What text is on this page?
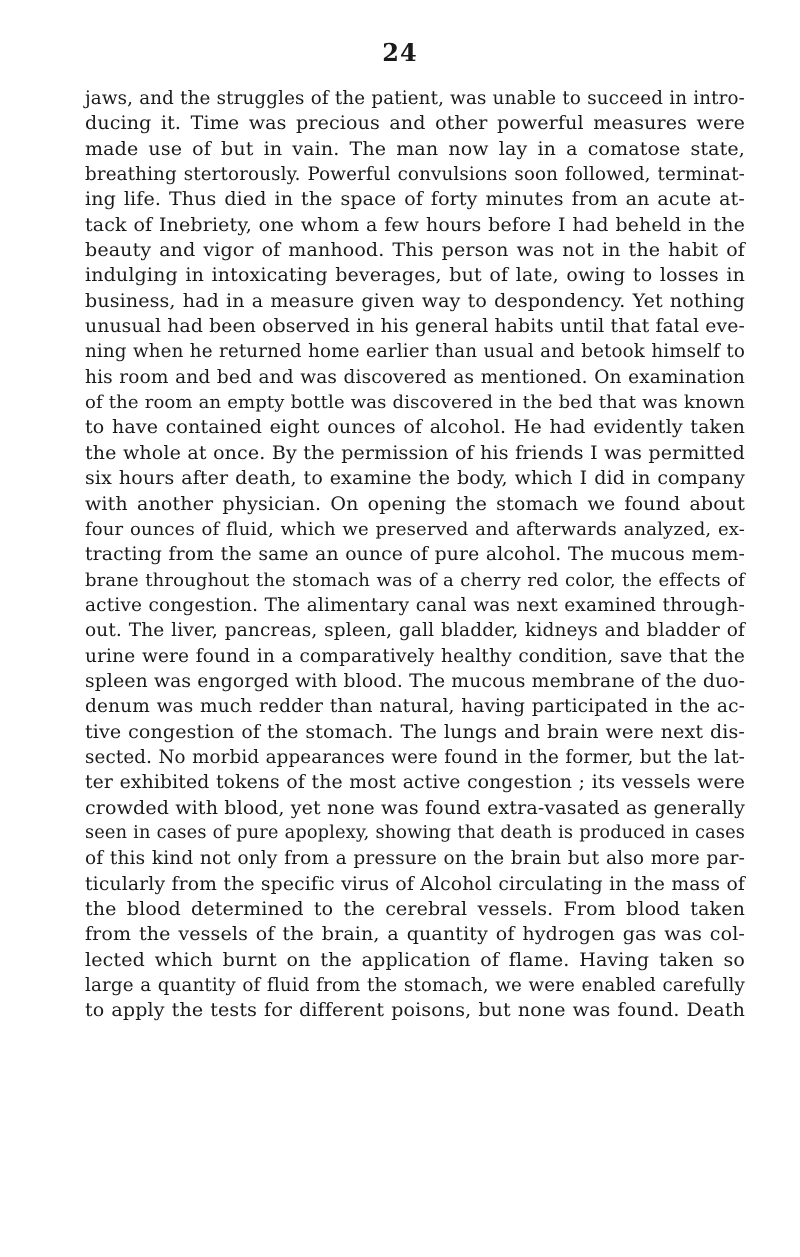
24
jaws, and the struggles of the patient, was unable to succeed in intro-
ducing it. Time was precious and other powerful measures were
made use of but in vain. The man now lay in a comatose state,
breathing stertorously. Powerful convulsions soon followed, terminat-
ing life. Thus died in the space of forty minutes from an acute at-
tack of Inebriety, one whom a few hours before I had beheld in the
beauty and vigor of manhood. This person was not in the habit of
indulging in intoxicating beverages, but of late, owing to losses in
business, had in a measure given way to despondency. Yet nothing
unusual had been observed in his general habits until that fatal eve-
ning when he returned home earlier than usual and betook himself to
his room and bed and was discovered as mentioned. On examination
of the room an empty bottle was discovered in the bed that was known
to have contained eight ounces of alcohol. He had evidently taken
the whole at once. By the permission of his friends I was permitted
six hours after death, to examine the body, which I did in company
with another physician. On opening the stomach we found about
four ounces of fluid, which we preserved and afterwards analyzed, ex-
tracting from the same an ounce of pure alcohol. The mucous mem-
brane throughout the stomach was of a cherry red color, the effects of
active congestion. The alimentary canal was next examined through-
out. The liver, pancreas, spleen, gall bladder, kidneys and bladder of
urine were found in a comparatively healthy condition, save that the
spleen was engorged with blood. The mucous membrane of the duo-
denum was much redder than natural, having participated in the ac-
tive congestion of the stomach. The lungs and brain were next dis-
sected. No morbid appearances were found in the former, but the lat-
ter exhibited tokens of the most active congestion ; its vessels were
crowded with blood, yet none was found extra-vasated as generally
seen in cases of pure apoplexy, showing that death is produced in cases
of this kind not only from a pressure on the brain but also more par-
ticularly from the specific virus of Alcohol circulating in the mass of
the blood determined to the cerebral vessels. From blood taken
from the vessels of the brain, a quantity of hydrogen gas was col-
lected which burnt on the application of flame. Having taken so
large a quantity of fluid from the stomach, we were enabled carefully
to apply the tests for different poisons, but none was found. Death
